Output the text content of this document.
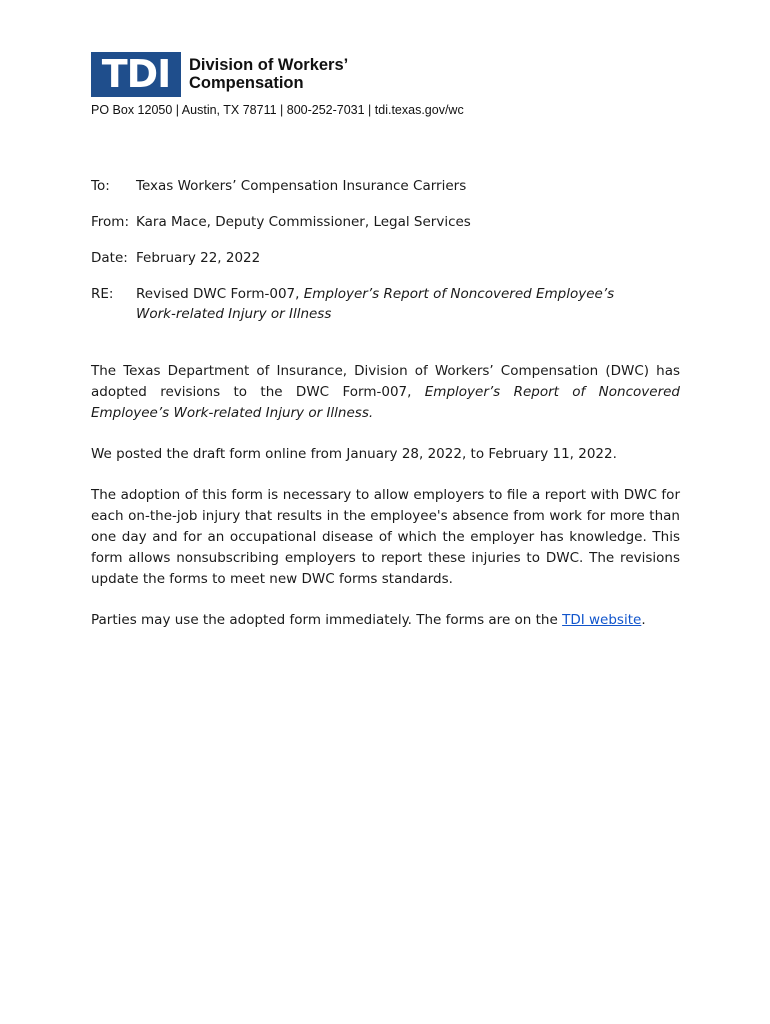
TDI	Division of Workers’
Compensation
PO Box 12050 | Austin, TX 78711 | 800-252-7031 | tdi.texas.gov/wc
To:	Texas Workers’ Compensation Insurance Carriers
From: Kara Mace, Deputy Commissioner, Legal Services
Date: February 22, 2022
RE:	Revised DWC Form-007, Employer’s Report of Noncovered Employee’s
Work-related Injury or Illness

The Texas Department of Insurance, Division of Workers’ Compensation (DWC) has adopted revisions to the DWC Form-007, Employer’s Report of Noncovered Employee’s Work-related Injury or Illness.

We posted the draft form online from January 28, 2022, to February 11, 2022.

The adoption of this form is necessary to allow employers to file a report with DWC for each on-the-job injury that results in the employee's absence from work for more than one day and for an occupational disease of which the employer has knowledge. This form allows nonsubscribing employers to report these injuries to DWC. The revisions update the forms to meet new DWC forms standards.

Parties may use the adopted form immediately. The forms are on the TDI website.
